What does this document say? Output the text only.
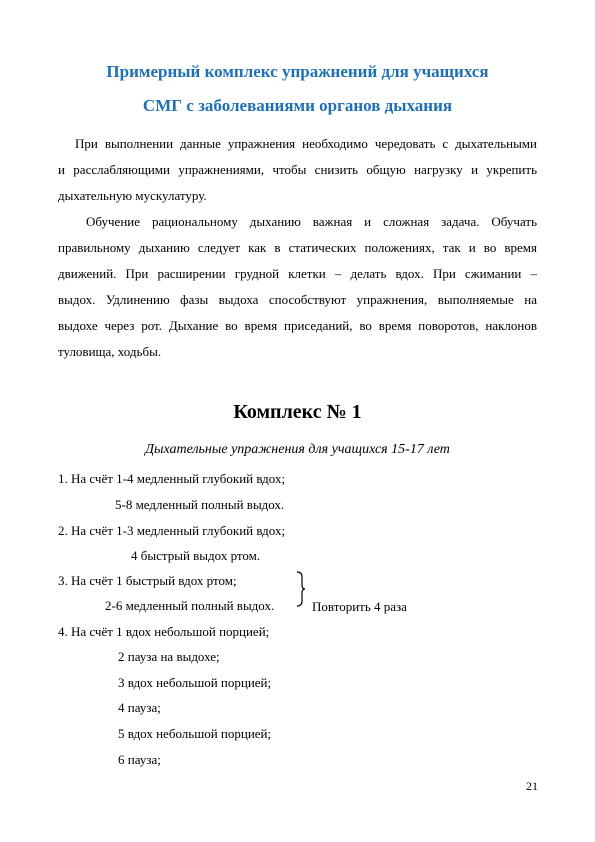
Примерный комплекс упражнений для учащихся
СМГ с заболеваниями органов дыхания
При выполнении данные упражнения необходимо чередовать с дыхательными
и расслабляющими упражнениями, чтобы снизить общую нагрузку и укрепить
дыхательную мускулатуру.
Обучение рациональному дыханию важная и сложная задача. Обучать
правильному дыханию следует как в статических положениях, так и во время
движений. При расширении грудной клетки – делать вдох. При сжимании –
выдох. Удлинению фазы выдоха способствуют упражнения, выполняемые на
выдохе через рот. Дыхание во время приседаний, во время поворотов, наклонов
туловища, ходьбы.
Комплекс № 1
Дыхательные упражнения для учащихся 15-17 лет
1. На счёт 1-4 медленный глубокий вдох;
5-8 медленный полный выдох.
2. На счёт 1-3 медленный глубокий вдох;
4 быстрый выдох ртом.
3. На счёт 1 быстрый вдох ртом;
2-6 медленный полный выдох.	Повторить 4 раза
4. На счёт 1 вдох небольшой порцией;
2 пауза на выдохе;
3 вдох небольшой порцией;
4 пауза;
5 вдох небольшой порцией;
6 пауза;
21
